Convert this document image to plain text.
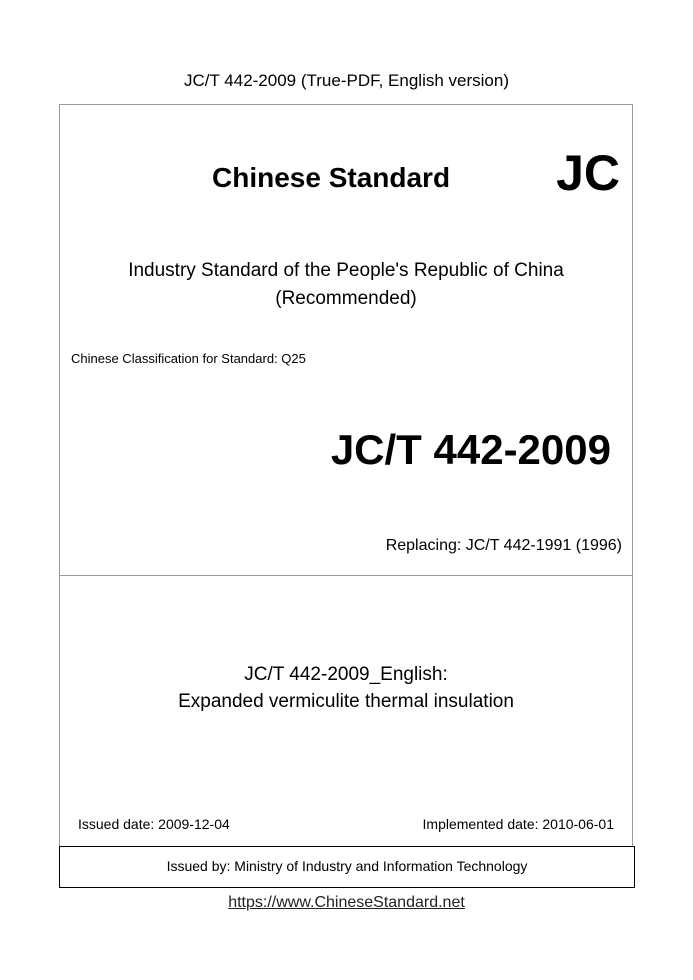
JC/T 442-2009 (True-PDF, English version)
Chinese Standard JC
Industry Standard of the People's Republic of China
(Recommended)
Chinese Classification for Standard: Q25
JC/T 442-2009
Replacing: JC/T 442-1991 (1996)
JC/T 442-2009_English:
Expanded vermiculite thermal insulation
Issued date: 2009-12-04	Implemented date: 2010-06-01
Issued by: Ministry of Industry and Information Technology
https://www.ChineseStandard.net
